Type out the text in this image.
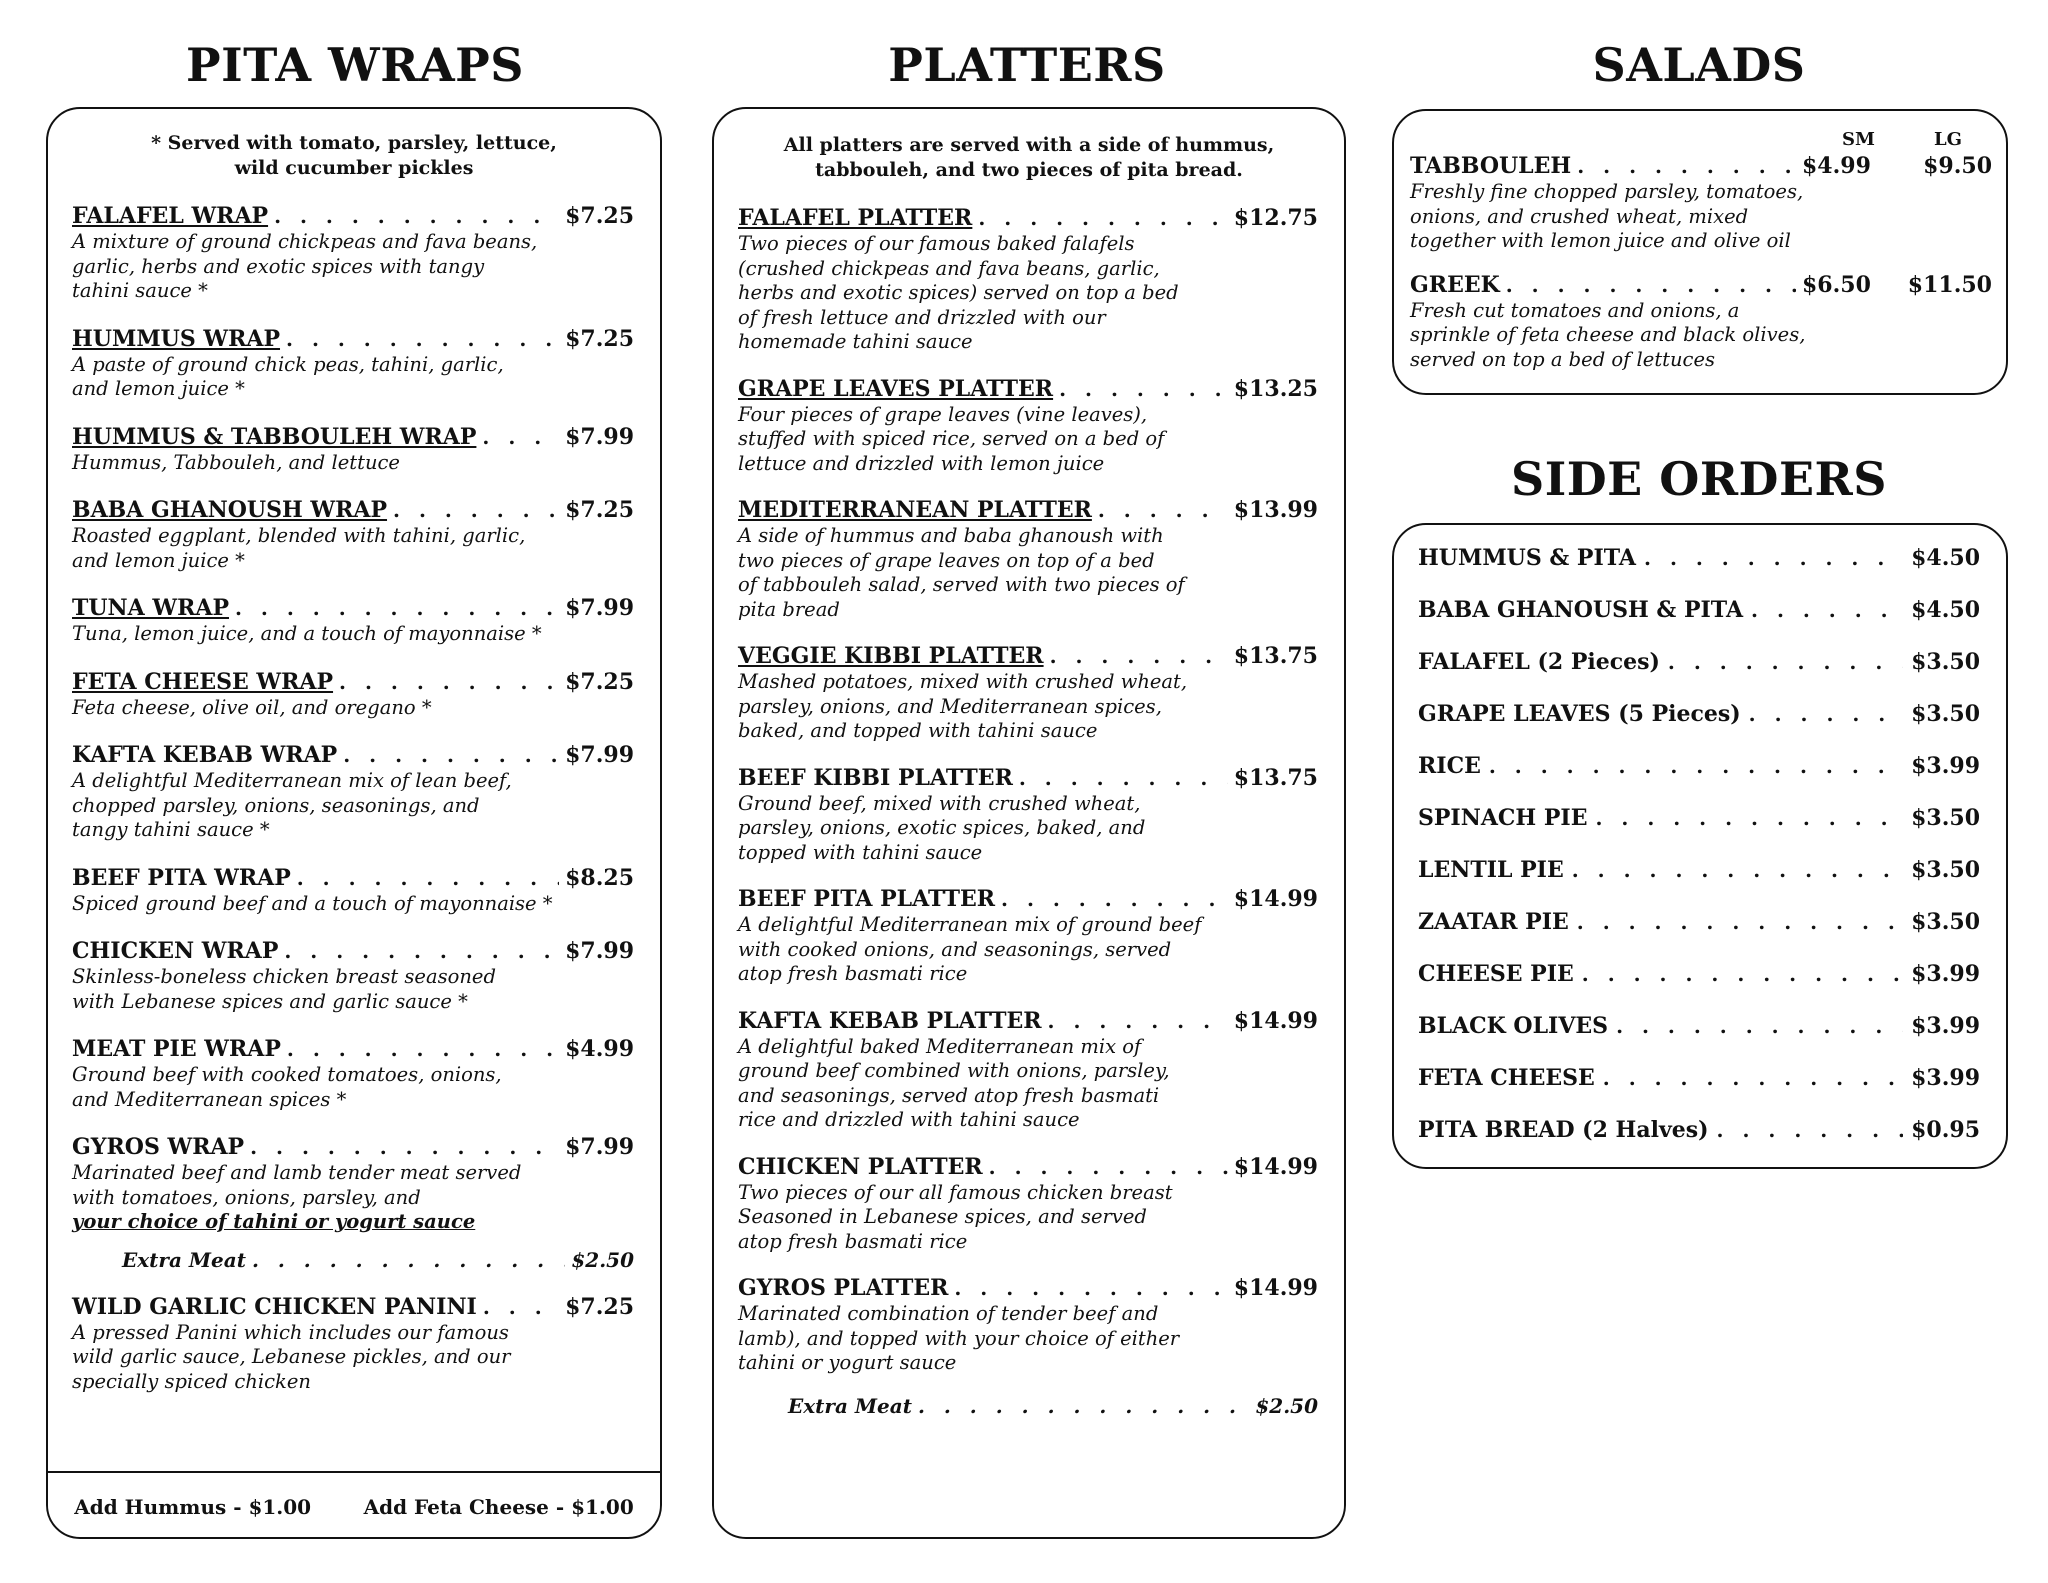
PITA WRAPS
* Served with tomato, parsley, lettuce,
wild cucumber pickles
FALAFEL WRAP . . .	$7.25
A mixture of ground chickpeas and fava beans,
garlic, herbs and exotic spices with tangy
tahini sauce *
HUMMUS WRAP . . .	$7.25
A paste of ground chick peas, tahini, garlic,
and lemon juice *
HUMMUS & TABBOULEH WRAP . . .	$7.99
Hummus, Tabbouleh, and lettuce
BABA GHANOUSH WRAP . . .	$7.25
Roasted eggplant, blended with tahini, garlic,
and lemon juice *
TUNA WRAP . . .	$7.99
Tuna, lemon juice, and a touch of mayonnaise *
FETA CHEESE WRAP . . .	$7.25
Feta cheese, olive oil, and oregano *
KAFTA KEBAB WRAP . . .	$7.99
A delightful Mediterranean mix of lean beef,
chopped parsley, onions, seasonings, and
tangy tahini sauce *
BEEF PITA WRAP . . .	$8.25
Spiced ground beef and a touch of mayonnaise *
CHICKEN WRAP . . .	$7.99
Skinless-boneless chicken breast seasoned
with Lebanese spices and garlic sauce *
MEAT PIE WRAP . . .	$4.99
Ground beef with cooked tomatoes, onions,
and Mediterranean spices *
GYROS WRAP . . .	$7.99
Marinated beef and lamb tender meat served
with tomatoes, onions, parsley, and
your choice of tahini or yogurt sauce
Extra Meat . . .	$2.50
WILD GARLIC CHICKEN PANINI . . .	$7.25
A pressed Panini which includes our famous
wild garlic sauce, Lebanese pickles, and our
specially spiced chicken
Add Hummus - $1.00	Add Feta Cheese - $1.00
PLATTERS
All platters are served with a side of hummus,
tabbouleh, and two pieces of pita bread.
FALAFEL PLATTER . . .	$12.75
Two pieces of our famous baked falafels
(crushed chickpeas and fava beans, garlic,
herbs and exotic spices) served on top a bed
of fresh lettuce and drizzled with our
homemade tahini sauce
GRAPE LEAVES PLATTER . . .	$13.25
Four pieces of grape leaves (vine leaves),
stuffed with spiced rice, served on a bed of
lettuce and drizzled with lemon juice
MEDITERRANEAN PLATTER . . .	$13.99
A side of hummus and baba ghanoush with
two pieces of grape leaves on top of a bed
of tabbouleh salad, served with two pieces of
pita bread
VEGGIE KIBBI PLATTER . . .	$13.75
Mashed potatoes, mixed with crushed wheat,
parsley, onions, and Mediterranean spices,
baked, and topped with tahini sauce
BEEF KIBBI PLATTER . . .	$13.75
Ground beef, mixed with crushed wheat,
parsley, onions, exotic spices, baked, and
topped with tahini sauce
BEEF PITA PLATTER . . .	$14.99
A delightful Mediterranean mix of ground beef
with cooked onions, and seasonings, served
atop fresh basmati rice
KAFTA KEBAB PLATTER . . .	$14.99
A delightful baked Mediterranean mix of
ground beef combined with onions, parsley,
and seasonings, served atop fresh basmati
rice and drizzled with tahini sauce
CHICKEN PLATTER . . .	$14.99
Two pieces of our all famous chicken breast
Seasoned in Lebanese spices, and served
atop fresh basmati rice
GYROS PLATTER . . .	$14.99
Marinated combination of tender beef and
lamb), and topped with your choice of either
tahini or yogurt sauce
Extra Meat . . .	$2.50
SALADS
SM	LG
TABBOULEH . . .	$4.99	$9.50
Freshly fine chopped parsley, tomatoes,
onions, and crushed wheat, mixed
together with lemon juice and olive oil
GREEK . . .	$6.50	$11.50
Fresh cut tomatoes and onions, a
sprinkle of feta cheese and black olives,
served on top a bed of lettuces
SIDE ORDERS
HUMMUS & PITA . . .	$4.50
BABA GHANOUSH & PITA . . .	$4.50
FALAFEL (2 Pieces) . . .	$3.50
GRAPE LEAVES (5 Pieces) . . .	$3.50
RICE . . .	$3.99
SPINACH PIE . . .	$3.50
LENTIL PIE . . .	$3.50
ZAATAR PIE . . .	$3.50
CHEESE PIE . . .	$3.99
BLACK OLIVES . . .	$3.99
FETA CHEESE . . .	$3.99
PITA BREAD (2 Halves) . . .	$0.95
